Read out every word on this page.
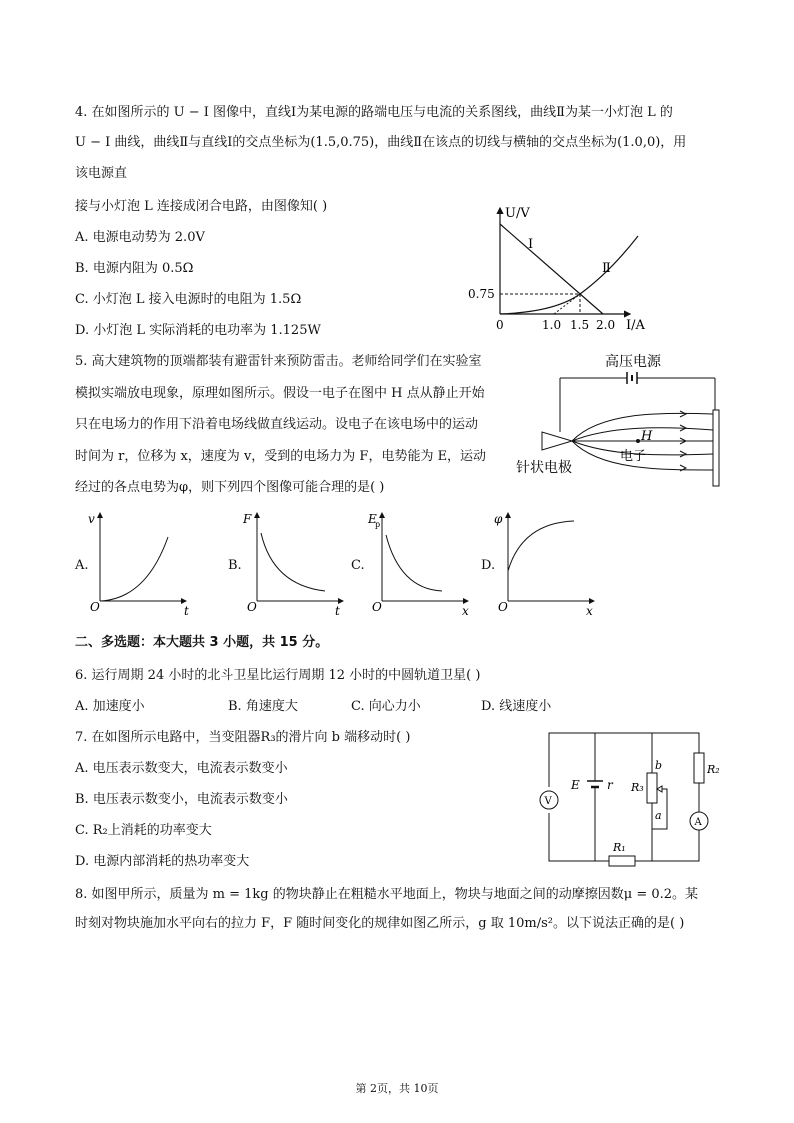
4. 在如图所示的 U − I 图像中，直线Ⅰ为某电源的路端电压与电流的关系图线，曲线Ⅱ为某一小灯泡 L 的
U − I 曲线，曲线Ⅱ与直线Ⅰ的交点坐标为(1.5,0.75)，曲线Ⅱ在该点的切线与横轴的交点坐标为(1.0,0)，用
该电源直
接与小灯泡 L 连接成闭合电路，由图像知( )
A. 电源电动势为 2.0V
B. 电源内阻为 0.5Ω
C. 小灯泡 L 接入电源时的电阻为 1.5Ω
D. 小灯泡 L 实际消耗的电功率为 1.125W
U/V
I/A
0
0.75
1.0 1.5 2.0
Ⅰ
Ⅱ
5. 高大建筑物的顶端都装有避雷针来预防雷击。老师给同学们在实验室
模拟实端放电现象，原理如图所示。假设一电子在图中 H 点从静止开始
只在电场力的作用下沿着电场线做直线运动。设电子在该电场中的运动
时间为 r，位移为 x，速度为 v，受到的电场力为 F，电势能为 E，运动
经过的各点电势为φ，则下列四个图像可能合理的是( )
高压电源
H
电子
针状电极
A.
v
t
O
B.
F
t
O
C.
E
p
x
O
D.
φ
x
O
二、多选题：本大题共 3 小题，共 15 分。
6. 运行周期 24 小时的北斗卫星比运行周期 12 小时的中圆轨道卫星( )
A. 加速度小	B. 角速度大	C. 向心力小	D. 线速度小
7. 在如图所示电路中，当变阻器R₃的滑片向 b 端移动时( )
A. 电压表示数变大，电流表示数变小
B. 电压表示数变小，电流表示数变小
C. R₂上消耗的功率变大
D. 电源内部消耗的热功率变大
E r
V
R₃
b
a
R₂
A
R₁
8. 如图甲所示，质量为 m = 1kg 的物块静止在粗糙水平地面上，物块与地面之间的动摩擦因数μ = 0.2。某
时刻对物块施加水平向右的拉力 F，F 随时间变化的规律如图乙所示，g 取 10m/s²。以下说法正确的是( )
第 2页，共 10页
